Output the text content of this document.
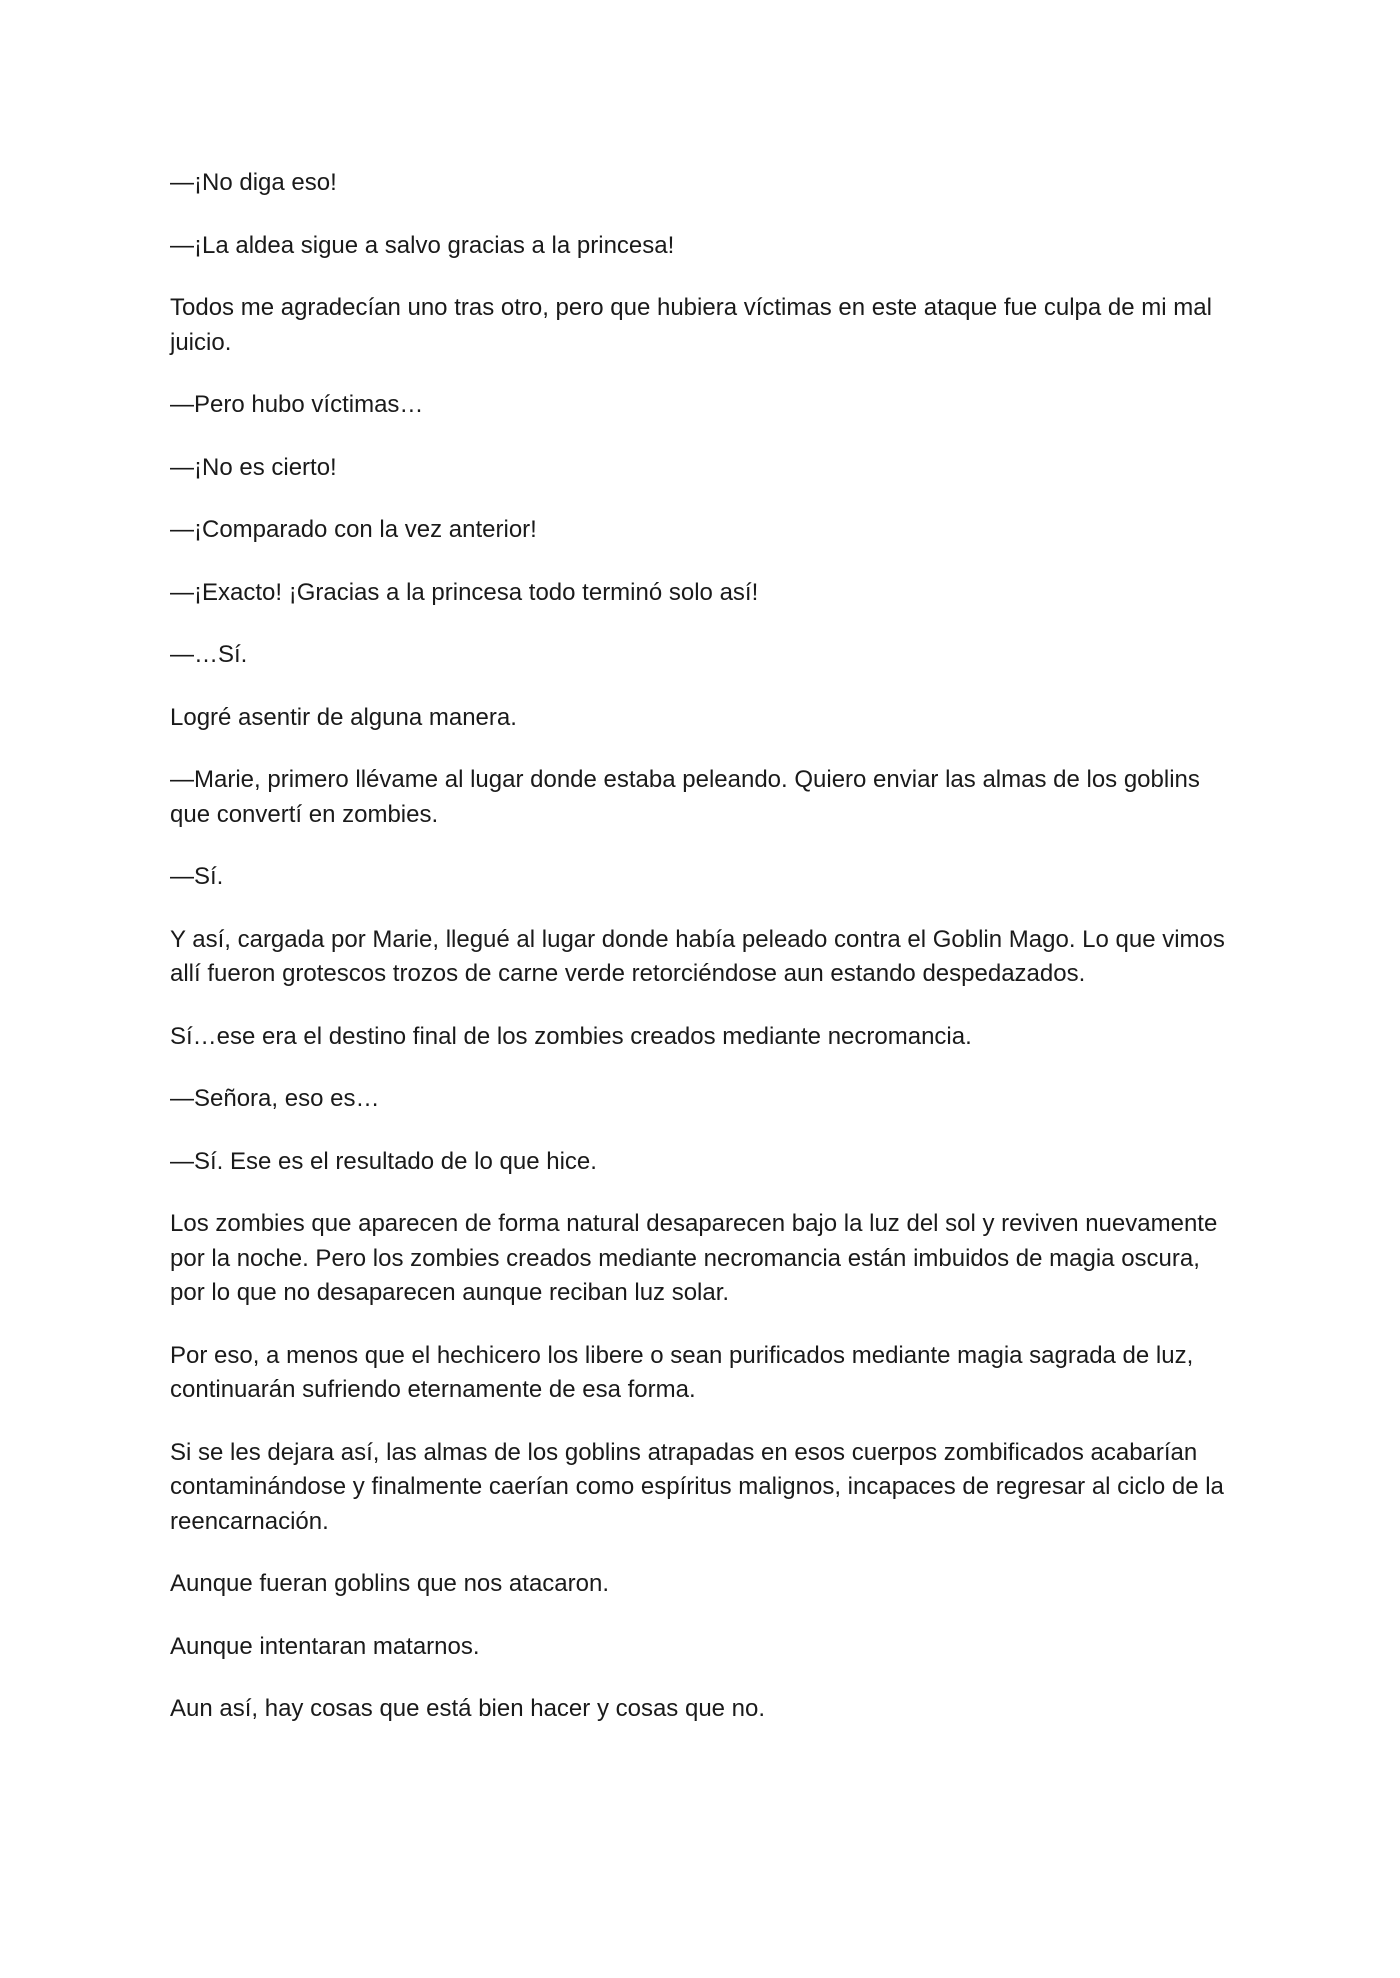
—¡No diga eso!

—¡La aldea sigue a salvo gracias a la princesa!

Todos me agradecían uno tras otro, pero que hubiera víctimas en este ataque fue culpa de mi mal juicio.

—Pero hubo víctimas…

—¡No es cierto!

—¡Comparado con la vez anterior!

—¡Exacto! ¡Gracias a la princesa todo terminó solo así!

—…Sí.

Logré asentir de alguna manera.

—Marie, primero llévame al lugar donde estaba peleando. Quiero enviar las almas de los goblins que convertí en zombies.

—Sí.

Y así, cargada por Marie, llegué al lugar donde había peleado contra el Goblin Mago. Lo que vimos allí fueron grotescos trozos de carne verde retorciéndose aun estando despedazados.

Sí…ese era el destino final de los zombies creados mediante necromancia.

—Señora, eso es…

—Sí. Ese es el resultado de lo que hice.

Los zombies que aparecen de forma natural desaparecen bajo la luz del sol y reviven nuevamente por la noche. Pero los zombies creados mediante necromancia están imbuidos de magia oscura, por lo que no desaparecen aunque reciban luz solar.

Por eso, a menos que el hechicero los libere o sean purificados mediante magia sagrada de luz, continuarán sufriendo eternamente de esa forma.

Si se les dejara así, las almas de los goblins atrapadas en esos cuerpos zombificados acabarían contaminándose y finalmente caerían como espíritus malignos, incapaces de regresar al ciclo de la reencarnación.

Aunque fueran goblins que nos atacaron.

Aunque intentaran matarnos.

Aun así, hay cosas que está bien hacer y cosas que no.
